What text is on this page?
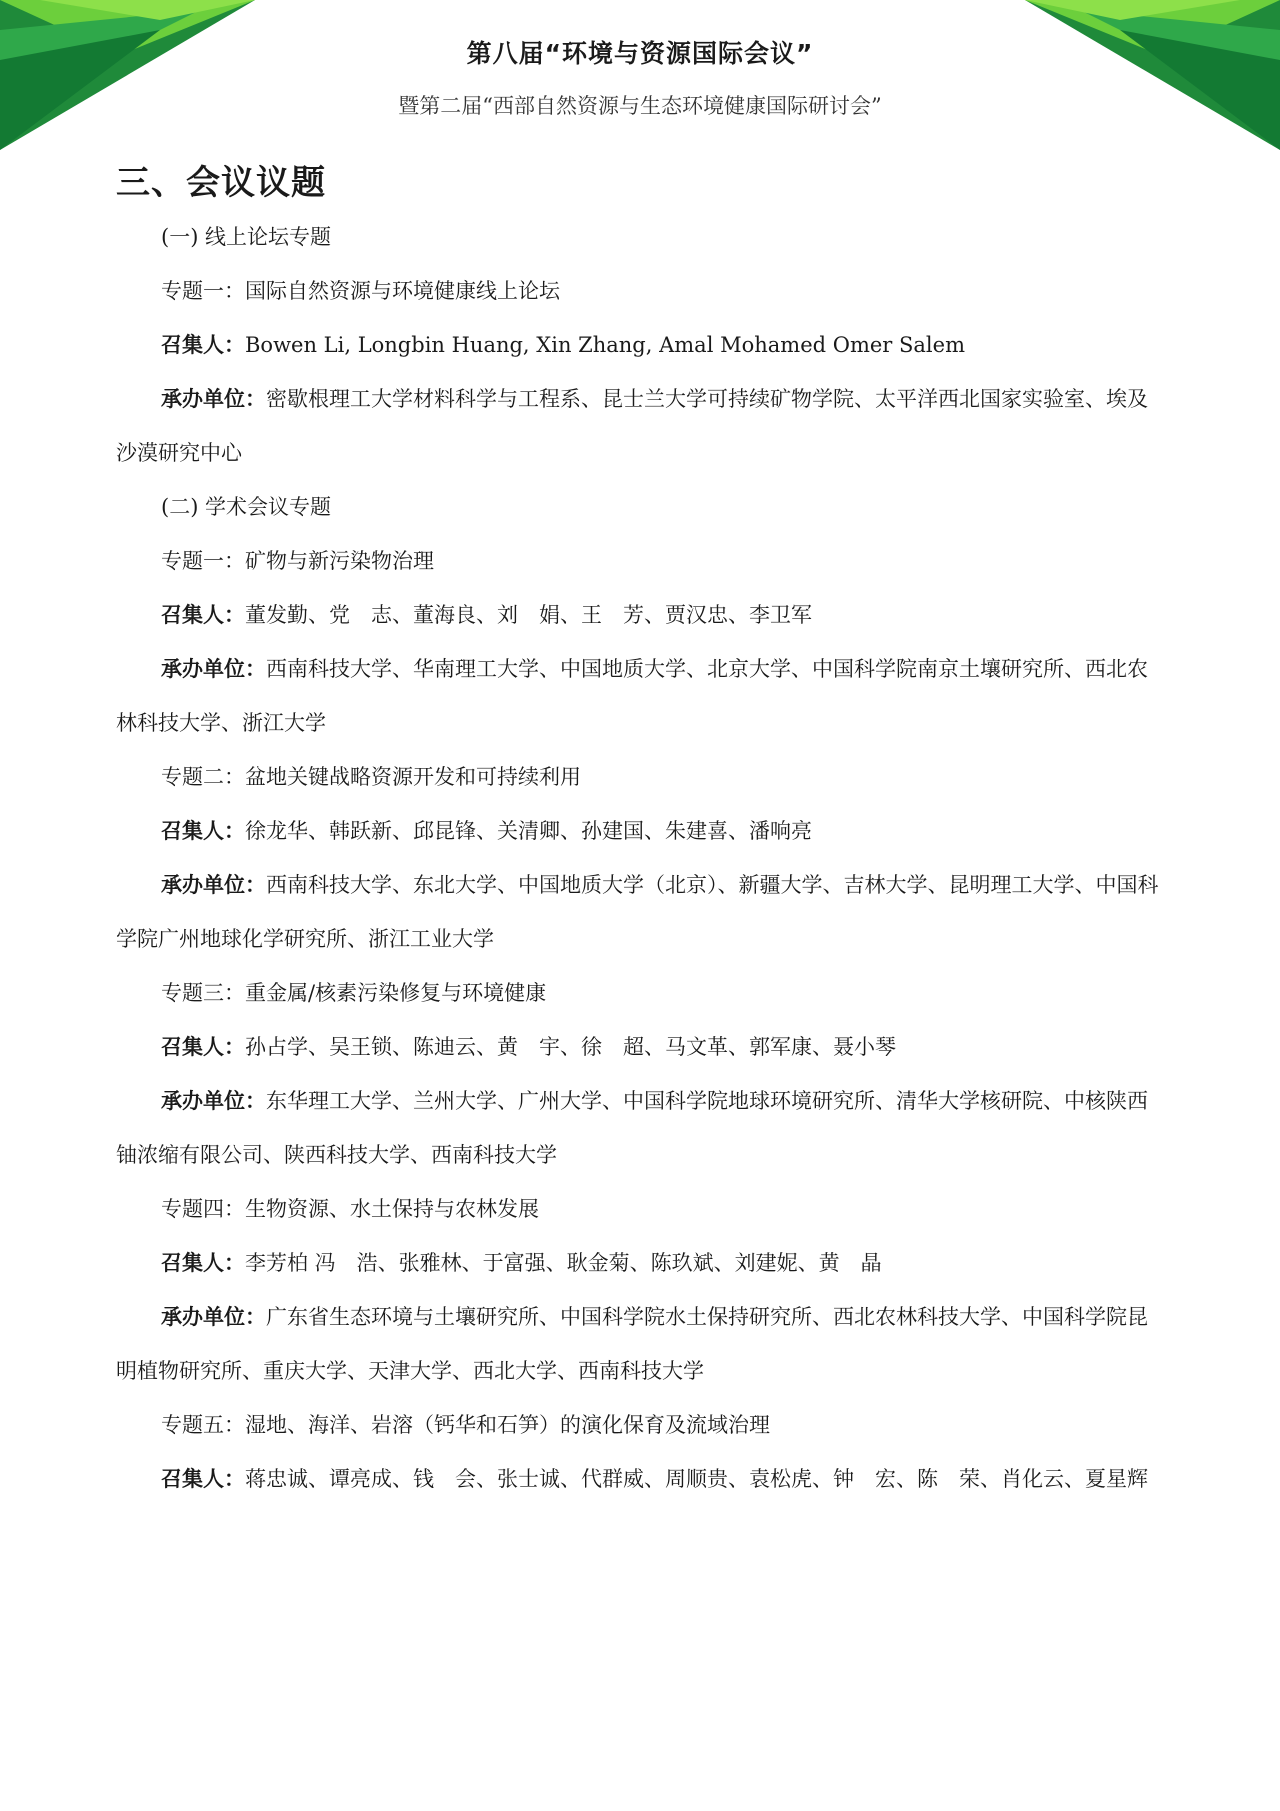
第八届“环境与资源国际会议”
暨第二届“西部自然资源与生态环境健康国际研讨会”
三、会议议题

(一) 线上论坛专题

专题一：国际自然资源与环境健康线上论坛

召集人：Bowen Li, Longbin Huang, Xin Zhang, Amal Mohamed Omer Salem

承办单位：密歇根理工大学材料科学与工程系、昆士兰大学可持续矿物学院、太平洋西北国家实验室、埃及沙漠研究中心

(二) 学术会议专题

专题一：矿物与新污染物治理

召集人：董发勤、党　志、董海良、刘　娟、王　芳、贾汉忠、李卫军

承办单位：西南科技大学、华南理工大学、中国地质大学、北京大学、中国科学院南京土壤研究所、西北农林科技大学、浙江大学

专题二：盆地关键战略资源开发和可持续利用

召集人：徐龙华、韩跃新、邱昆锋、关清卿、孙建国、朱建喜、潘响亮

承办单位：西南科技大学、东北大学、中国地质大学（北京）、新疆大学、吉林大学、昆明理工大学、中国科学院广州地球化学研究所、浙江工业大学

专题三：重金属/核素污染修复与环境健康

召集人：孙占学、吴王锁、陈迪云、黄　宇、徐　超、马文革、郭军康、聂小琴

承办单位：东华理工大学、兰州大学、广州大学、中国科学院地球环境研究所、清华大学核研院、中核陕西铀浓缩有限公司、陕西科技大学、西南科技大学

专题四：生物资源、水土保持与农林发展

召集人：李芳柏 冯　浩、张雅林、于富强、耿金菊、陈玖斌、刘建妮、黄　晶

承办单位：广东省生态环境与土壤研究所、中国科学院水土保持研究所、西北农林科技大学、中国科学院昆明植物研究所、重庆大学、天津大学、西北大学、西南科技大学

专题五：湿地、海洋、岩溶（钙华和石笋）的演化保育及流域治理

召集人：蒋忠诚、谭亮成、钱　会、张士诚、代群威、周顺贵、袁松虎、钟　宏、陈　荣、肖化云、夏星辉
